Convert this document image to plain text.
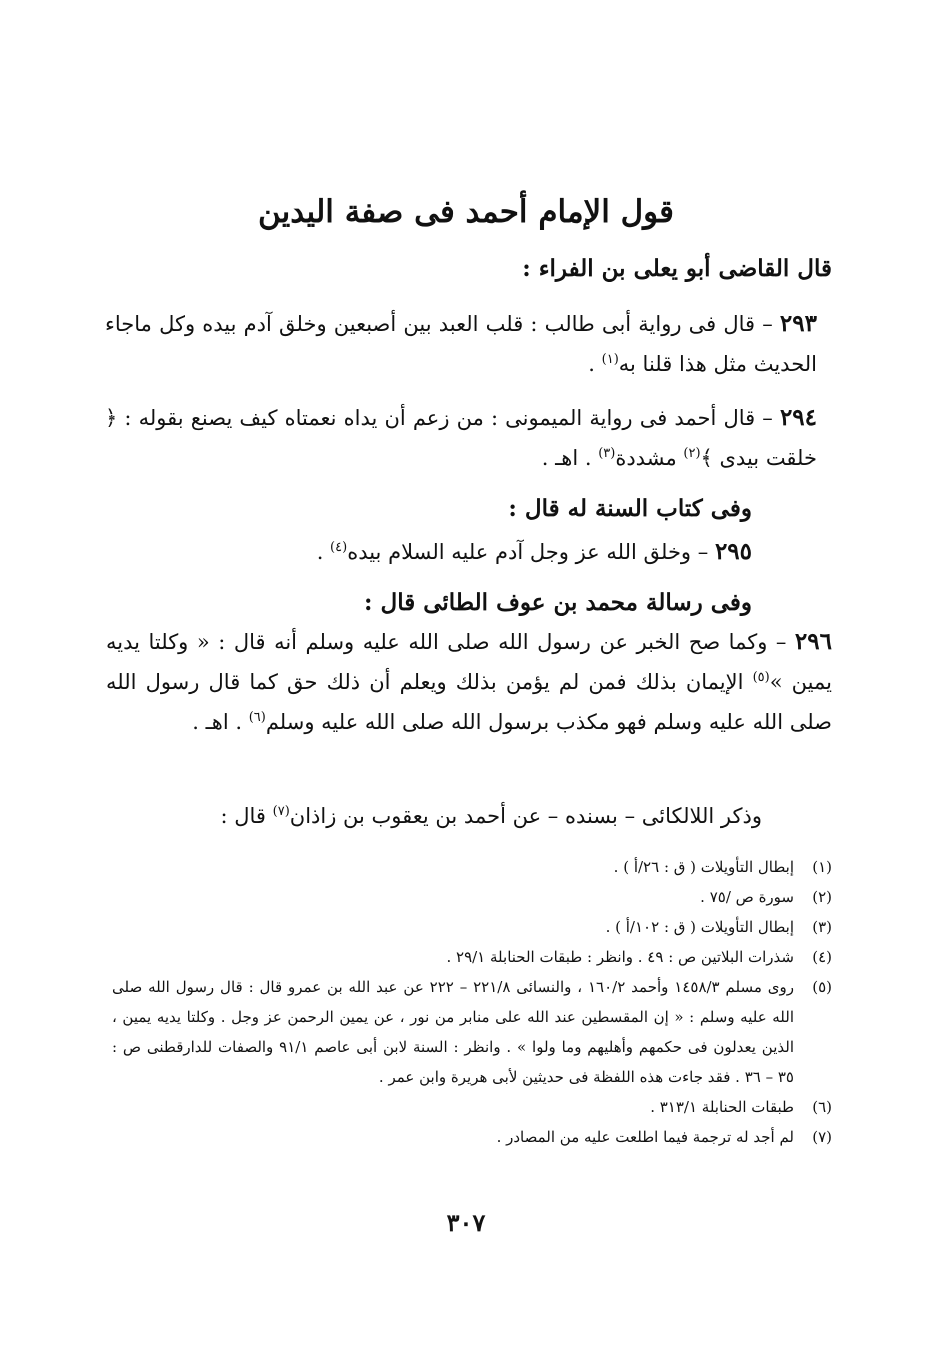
قول الإمام أحمد فى صفة اليدين
قال القاضى أبو يعلى بن الفراء :

٢٩٣ – قال فى رواية أبى طالب : قلب العبد بين أصبعين وخلق آدم بيده وكل ماجاء الحديث مثل هذا قلنا به$^{(١)}$ .

٢٩٤ – قال أحمد فى رواية الميمونى : من زعم أن يداه نعمتاه كيف يصنع بقوله : ﴿ خلقت بيدى ﴾$^{(٢)}$ مشددة$^{(٣)}$ . اهـ .

وفى كتاب السنة له قال :

٢٩٥ – وخلق الله عز وجل آدم عليه السلام بيده$^{(٤)}$ .

وفى رسالة محمد بن عوف الطائى قال :

٢٩٦ – وكما صح الخبر عن رسول الله صلى الله عليه وسلم أنه قال : « وكلتا يديه يمين »$^{(٥)}$ الإيمان بذلك فمن لم يؤمن بذلك ويعلم أن ذلك حق كما قال رسول الله صلى الله عليه وسلم فهو مكذب برسول الله صلى الله عليه وسلم$^{(٦)}$ . اهـ .

وذكر اللالكائى – بسنده – عن أحمد بن يعقوب بن زاذان$^{(٧)}$ قال :

(١)
إبطال التأويلات ( ق : ٢٦/أ ) .
(٢)
سورة ص /٧٥ .
(٣)
إبطال التأويلات ( ق : ١٠٢/أ ) .
(٤)
شذرات البلاتين ص : ٤٩ . وانظر : طبقات الحنابلة ٢٩/١ .
(٥)
روى مسلم ١٤٥٨/٣ وأحمد ١٦٠/٢ ، والنسائى ٢٢١/٨ – ٢٢٢ عن عبد الله بن عمرو قال : قال رسول الله صلى الله عليه وسلم : « إن المقسطين عند الله على منابر من نور ، عن يمين الرحمن عز وجل . وكلتا يديه يمين ، الذين يعدلون فى حكمهم وأهليهم وما ولوا » . وانظر : السنة لابن أبى عاصم ٩١/١ والصفات للدارقطنى ص : ٣٥ – ٣٦ . فقد جاءت هذه اللفظة فى حديثين لأبى هريرة وابن عمر .
(٦)
طبقات الحنابلة ٣١٣/١ .
(٧)
لم أجد له ترجمة فيما اطلعت عليه من المصادر .
٣٠٧
